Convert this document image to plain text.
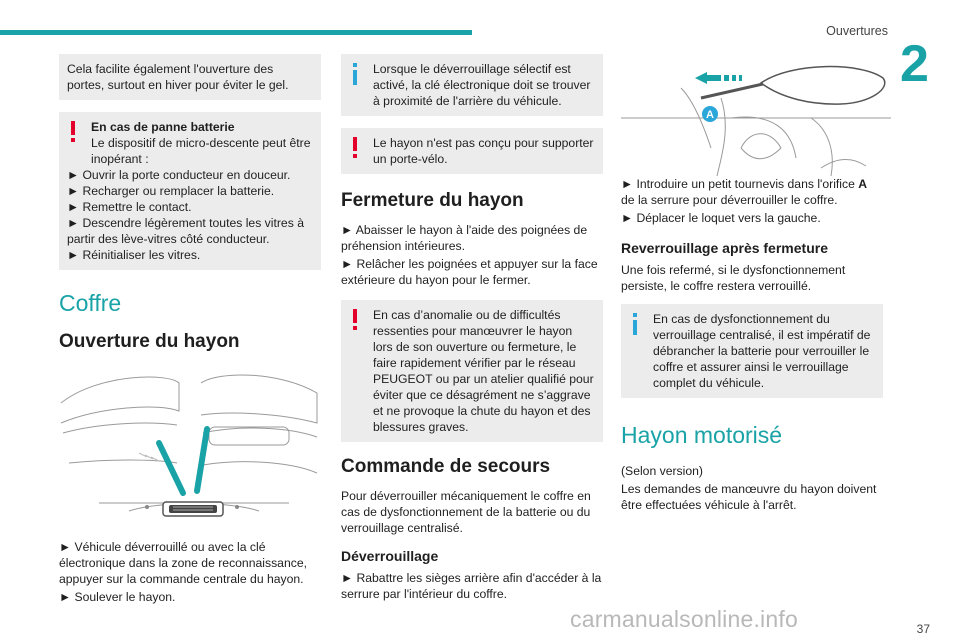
Ouvertures
2
Cela facilite également l'ouverture des portes, surtout en hiver pour éviter le gel.
En cas de panne batterie
Le dispositif de micro-descente peut être inopérant :
► Ouvrir la porte conducteur en douceur.
► Recharger ou remplacer la batterie.
► Remettre le contact.
► Descendre légèrement toutes les vitres à partir des lève-vitres côté conducteur.
► Réinitialiser les vitres.
Coffre
Ouverture du hayon

► Véhicule déverrouillé ou avec la clé électronique dans la zone de reconnaissance, appuyer sur la commande centrale du hayon.

► Soulever le hayon.

Lorsque le déverrouillage sélectif est activé, la clé électronique doit se trouver à proximité de l'arrière du véhicule.
Le hayon n'est pas conçu pour supporter un porte-vélo.
Fermeture du hayon

► Abaisser le hayon à l'aide des poignées de préhension intérieures.

► Relâcher les poignées et appuyer sur la face extérieure du hayon pour le fermer.

En cas d’anomalie ou de difficultés ressenties pour manœuvrer le hayon lors de son ouverture ou fermeture, le faire rapidement vérifier par le réseau PEUGEOT ou par un atelier qualifié pour éviter que ce désagrément ne s’aggrave et ne provoque la chute du hayon et des blessures graves.
Commande de secours

Pour déverrouiller mécaniquement le coffre en cas de dysfonctionnement de la batterie ou du verrouillage centralisé.

Déverrouillage

► Rabattre les sièges arrière afin d'accéder à la serrure par l'intérieur du coffre.

A

► Introduire un petit tournevis dans l'orifice A de la serrure pour déverrouiller le coffre.

► Déplacer le loquet vers la gauche.

Reverrouillage après fermeture

Une fois refermé, si le dysfonctionnement persiste, le coffre restera verrouillé.

En cas de dysfonctionnement du verrouillage centralisé, il est impératif de débrancher la batterie pour verrouiller le coffre et assurer ainsi le verrouillage complet du véhicule.
Hayon motorisé

(Selon version)

Les demandes de manœuvre du hayon doivent être effectuées véhicule à l'arrêt.

37
carmanualsonline.info
